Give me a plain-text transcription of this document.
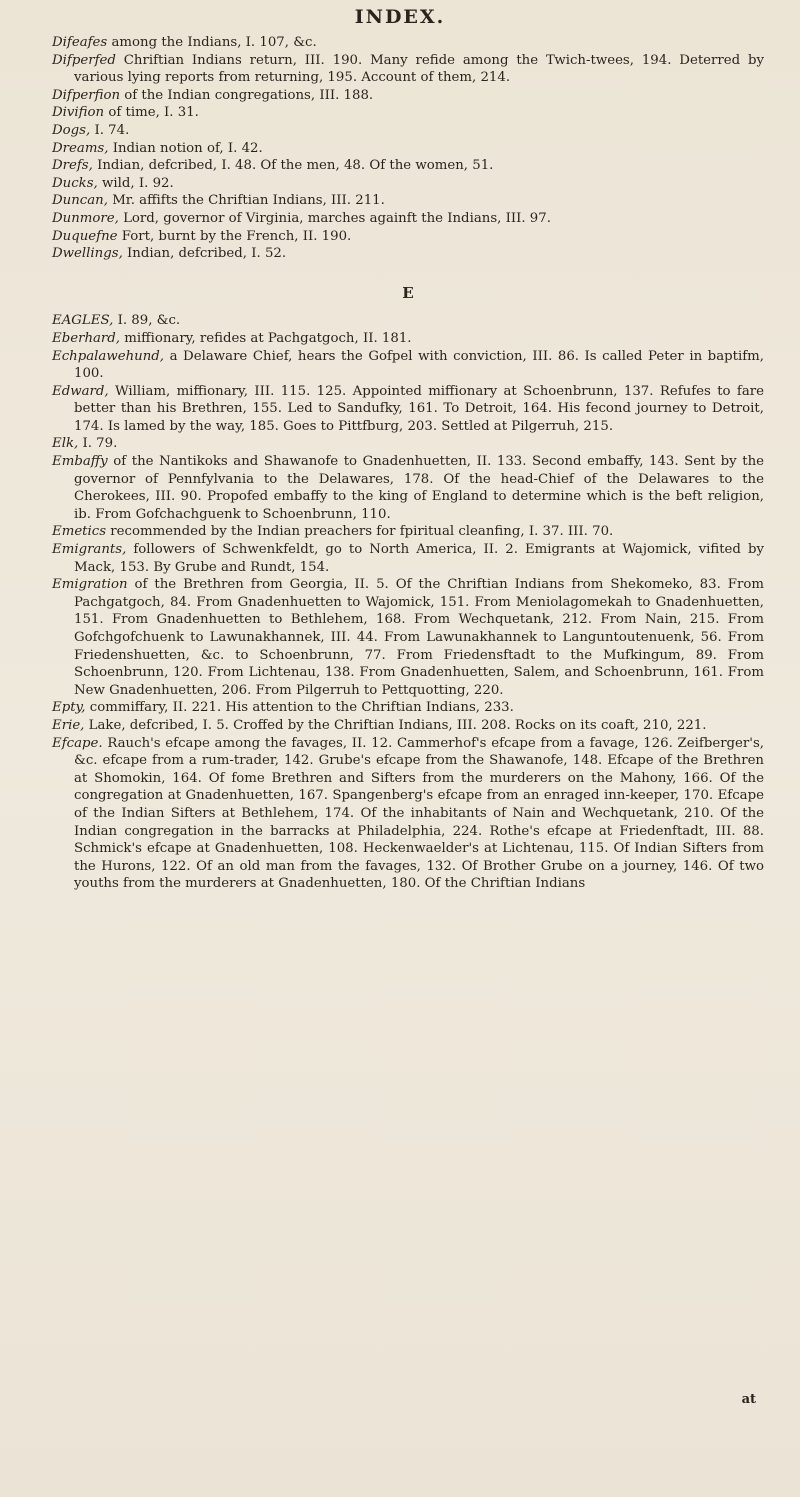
INDEX.

Difeafes among the Indians, I. 107, &c.

Difperfed Chriftian Indians return, III. 190. Many refide among the Twich-twees, 194. Deterred by various lying reports from returning, 195. Account of them, 214.

Difperfion of the Indian congregations, III. 188.

Divifion of time, I. 31.

Dogs, I. 74.

Dreams, Indian notion of, I. 42.

Drefs, Indian, defcribed, I. 48. Of the men, 48. Of the women, 51.

Ducks, wild, I. 92.

Duncan, Mr. affifts the Chriftian Indians, III. 211.

Dunmore, Lord, governor of Virginia, marches againft the Indians, III. 97.

Duquefne Fort, burnt by the French, II. 190.

Dwellings, Indian, defcribed, I. 52.

E

EAGLES, I. 89, &c.

Eberhard, miffionary, refides at Pachgatgoch, II. 181.

Echpalawehund, a Delaware Chief, hears the Gofpel with conviction, III. 86. Is called Peter in baptifm, 100.

Edward, William, miffionary, III. 115. 125. Appointed miffionary at Schoenbrunn, 137. Refufes to fare better than his Brethren, 155. Led to Sandufky, 161. To Detroit, 164. His fecond journey to Detroit, 174. Is lamed by the way, 185. Goes to Pittfburg, 203. Settled at Pilgerruh, 215.

Elk, I. 79.

Embaffy of the Nantikoks and Shawanofe to Gnadenhuetten, II. 133. Second embaffy, 143. Sent by the governor of Pennfylvania to the Delawares, 178. Of the head-Chief of the Delawares to the Cherokees, III. 90. Propofed embaffy to the king of England to determine which is the beft religion, ib. From Gofchachguenk to Schoenbrunn, 110.

Emetics recommended by the Indian preachers for fpiritual cleanfing, I. 37. III. 70.

Emigrants, followers of Schwenkfeldt, go to North America, II. 2. Emigrants at Wajomick, vifited by Mack, 153. By Grube and Rundt, 154.

Emigration of the Brethren from Georgia, II. 5. Of the Chriftian Indians from Shekomeko, 83. From Pachgatgoch, 84. From Gnadenhuetten to Wajomick, 151. From Meniolagomekah to Gnadenhuetten, 151. From Gnadenhuetten to Bethlehem, 168. From Wechquetank, 212. From Nain, 215. From Gofchgofchuenk to Lawunakhannek, III. 44. From Lawunakhannek to Languntoutenuenk, 56. From Friedenshuetten, &c. to Schoenbrunn, 77. From Friedensftadt to the Mufkingum, 89. From Schoenbrunn, 120. From Lichtenau, 138. From Gnadenhuetten, Salem, and Schoenbrunn, 161. From New Gnadenhuetten, 206. From Pilgerruh to Pettquotting, 220.

Epty, commiffary, II. 221. His attention to the Chriftian Indians, 233.

Erie, Lake, defcribed, I. 5. Croffed by the Chriftian Indians, III. 208. Rocks on its coaft, 210, 221.

Efcape. Rauch's efcape among the favages, II. 12. Cammerhof's efcape from a favage, 126. Zeifberger's, &c. efcape from a rum-trader, 142. Grube's efcape from the Shawanofe, 148. Efcape of the Brethren at Shomokin, 164. Of fome Brethren and Sifters from the murderers on the Mahony, 166. Of the congregation at Gnadenhuetten, 167. Spangenberg's efcape from an enraged inn-keeper, 170. Efcape of the Indian Sifters at Bethlehem, 174. Of the inhabitants of Nain and Wechquetank, 210. Of the Indian congregation in the barracks at Philadelphia, 224. Rothe's efcape at Friedenftadt, III. 88. Schmick's efcape at Gnadenhuetten, 108. Heckenwaelder's at Lichtenau, 115. Of Indian Sifters from the Hurons, 122. Of an old man from the favages, 132. Of Brother Grube on a journey, 146. Of two youths from the murderers at Gnadenhuetten, 180. Of the Chriftian Indians

at
